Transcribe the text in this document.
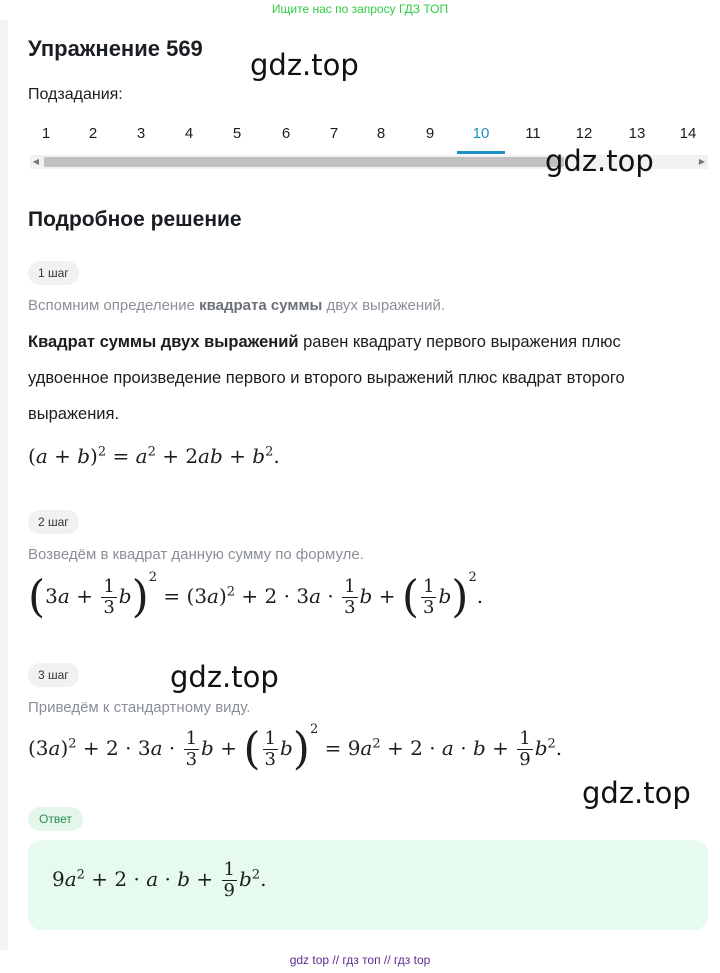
Ищите нас по запросу ГДЗ ТОП
Упражнение 569 gdz.top
Подзадания:
1	2	3	4	5	6	7	8	9	10	11	12	13	14
◀	▶
gdz.top
Подробное решение
1 шаг
Вспомним определение квадрата суммы двух выражений.
Квадрат суммы двух выражений равен квадрату первого выражения плюс удвоенное произведение первого и второго выражений плюс квадрат второго выражения.
$(a + b)^2 = a^2 + 2ab + b^2$.
2 шаг
Возведём в квадрат данную сумму по формуле.
$(3a + \frac{1}{3} b)^2 = (3a)^2 + 2 \cdot 3a \cdot \frac{1}{3}$ b + ( $\frac{1}{3} b)^2$.
3 шаг	gdz.top
Приведём к стандартному виду.
$(3a)^2 + 2 \cdot 3a \cdot \frac{1}{3}$ b + ( $\frac{1}{3} b)^2 = 9a^2 + 2 \cdot a \cdot b + \frac{1}{9} b^2$.
gdz.top
Ответ
$9a^2 + 2 \cdot a \cdot b + \frac{1}{9} b^2$.
gdz top // гдз топ // гдз top
